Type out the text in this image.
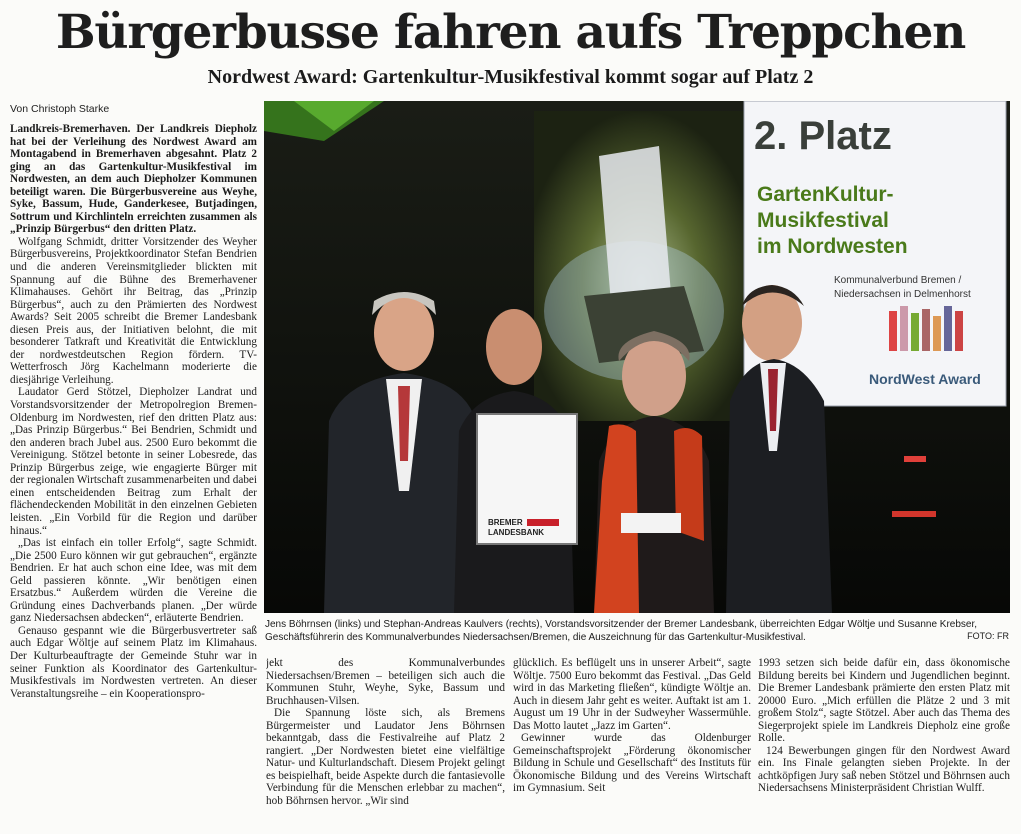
Bürgerbusse fahren aufs Treppchen
Nordwest Award: Gartenkultur-Musikfestival kommt sogar auf Platz 2
Von Christoph Starke

Landkreis-Bremerhaven. Der Landkreis Diepholz hat bei der Verleihung des Nordwest Award am Montagabend in Bremerhaven abgesahnt. Platz 2 ging an das Gartenkultur-Musikfestival im Nordwesten, an dem auch Diepholzer Kommunen beteiligt waren. Die Bürgerbusvereine aus Weyhe, Syke, Bassum, Hude, Ganderkesee, Butjadingen, Sottrum und Kirchlinteln erreichten zusammen als „Prinzip Bürgerbus“ den dritten Platz.

Wolfgang Schmidt, dritter Vorsitzender des Weyher Bürgerbusvereins, Projektkoordinator Stefan Bendrien und die anderen Vereinsmitglieder blickten mit Spannung auf die Bühne des Bremerhavener Klimahauses. Gehört ihr Beitrag, das „Prinzip Bürgerbus“, auch zu den Prämierten des Nordwest Awards? Seit 2005 schreibt die Bremer Landesbank diesen Preis aus, der Initiativen belohnt, die mit besonderer Tatkraft und Kreativität die Entwicklung der nordwestdeutschen Region fördern. TV-Wetterfrosch Jörg Kachelmann moderierte die diesjährige Verleihung.

Laudator Gerd Stötzel, Diepholzer Landrat und Vorstandsvorsitzender der Metropolregion Bremen-Oldenburg im Nordwesten, rief den dritten Platz aus: „Das Prinzip Bürgerbus.“ Bei Bendrien, Schmidt und den anderen brach Jubel aus. 2500 Euro bekommt die Vereinigung. Stötzel betonte in seiner Lobesrede, das Prinzip Bürgerbus zeige, wie engagierte Bürger mit der regionalen Wirtschaft zusammenarbeiten und dabei einen entscheidenden Beitrag zum Erhalt der flächendeckenden Mobilität in den einzelnen Gebieten leisten. „Ein Vorbild für die Region und darüber hinaus.“

„Das ist einfach ein toller Erfolg“, sagte Schmidt. „Die 2500 Euro können wir gut gebrauchen“, ergänzte Bendrien. Er hat auch schon eine Idee, was mit dem Geld passieren könnte. „Wir benötigen einen Ersatzbus.“ Außerdem würden die Vereine die Gründung eines Dachverbands planen. „Der würde ganz Niedersachsen abdecken“, erläuterte Bendrien.

Genauso gespannt wie die Bürgerbusvertreter saß auch Edgar Wöltje auf seinem Platz im Klimahaus. Der Kulturbeauftragte der Gemeinde Stuhr war in seiner Funktion als Koordinator des Gartenkultur-Musikfestivals im Nordwesten vertreten. An dieser Veranstaltungsreihe – ein Kooperationspro-

2. Platz
GartenKultur-
Musikfestival
im Nordwesten
Kommunalverbund Bremen /
Niedersachsen in Delmenhorst
NordWest Award
BREMER
LANDESBANK
Jens Böhrnsen (links) und Stephan-Andreas Kaulvers (rechts), Vorstandsvorsitzender der Bremer Landesbank, überreichten Edgar Wöltje und Susanne Krebser, Geschäftsführerin des Kommunalverbundes Niedersachsen/Bremen, die Auszeichnung für das Gartenkultur-Musikfestival.	FOTO: FR

jekt des Kommunalverbundes Niedersachsen/Bremen – beteiligen sich auch die Kommunen Stuhr, Weyhe, Syke, Bassum und Bruchhausen-Vilsen.

Die Spannung löste sich, als Bremens Bürgermeister und Laudator Jens Böhrnsen bekanntgab, dass die Festivalreihe auf Platz 2 rangiert. „Der Nordwesten bietet eine vielfältige Natur- und Kulturlandschaft. Diesem Projekt gelingt es beispielhaft, beide Aspekte durch die fantasievolle Verbindung für die Menschen erlebbar zu machen“, hob Böhrnsen hervor. „Wir sind

glücklich. Es beflügelt uns in unserer Arbeit“, sagte Wöltje. 7500 Euro bekommt das Festival. „Das Geld wird in das Marketing fließen“, kündigte Wöltje an. Auch in diesem Jahr geht es weiter. Auftakt ist am 1. August um 19 Uhr in der Sudweyher Wassermühle. Das Motto lautet „Jazz im Garten“.

Gewinner wurde das Oldenburger Gemeinschaftsprojekt „Förderung ökonomischer Bildung in Schule und Gesellschaft“ des Instituts für Ökonomische Bildung und des Vereins Wirtschaft im Gymnasium. Seit

1993 setzen sich beide dafür ein, dass ökonomische Bildung bereits bei Kindern und Jugendlichen beginnt. Die Bremer Landesbank prämierte den ersten Platz mit 20000 Euro. „Mich erfüllen die Plätze 2 und 3 mit großem Stolz“, sagte Stötzel. Aber auch das Thema des Siegerprojekt spiele im Landkreis Diepholz eine große Rolle.

124 Bewerbungen gingen für den Nordwest Award ein. Ins Finale gelangten sieben Projekte. In der achtköpfigen Jury saß neben Stötzel und Böhrnsen auch Niedersachsens Ministerpräsident Christian Wulff.
